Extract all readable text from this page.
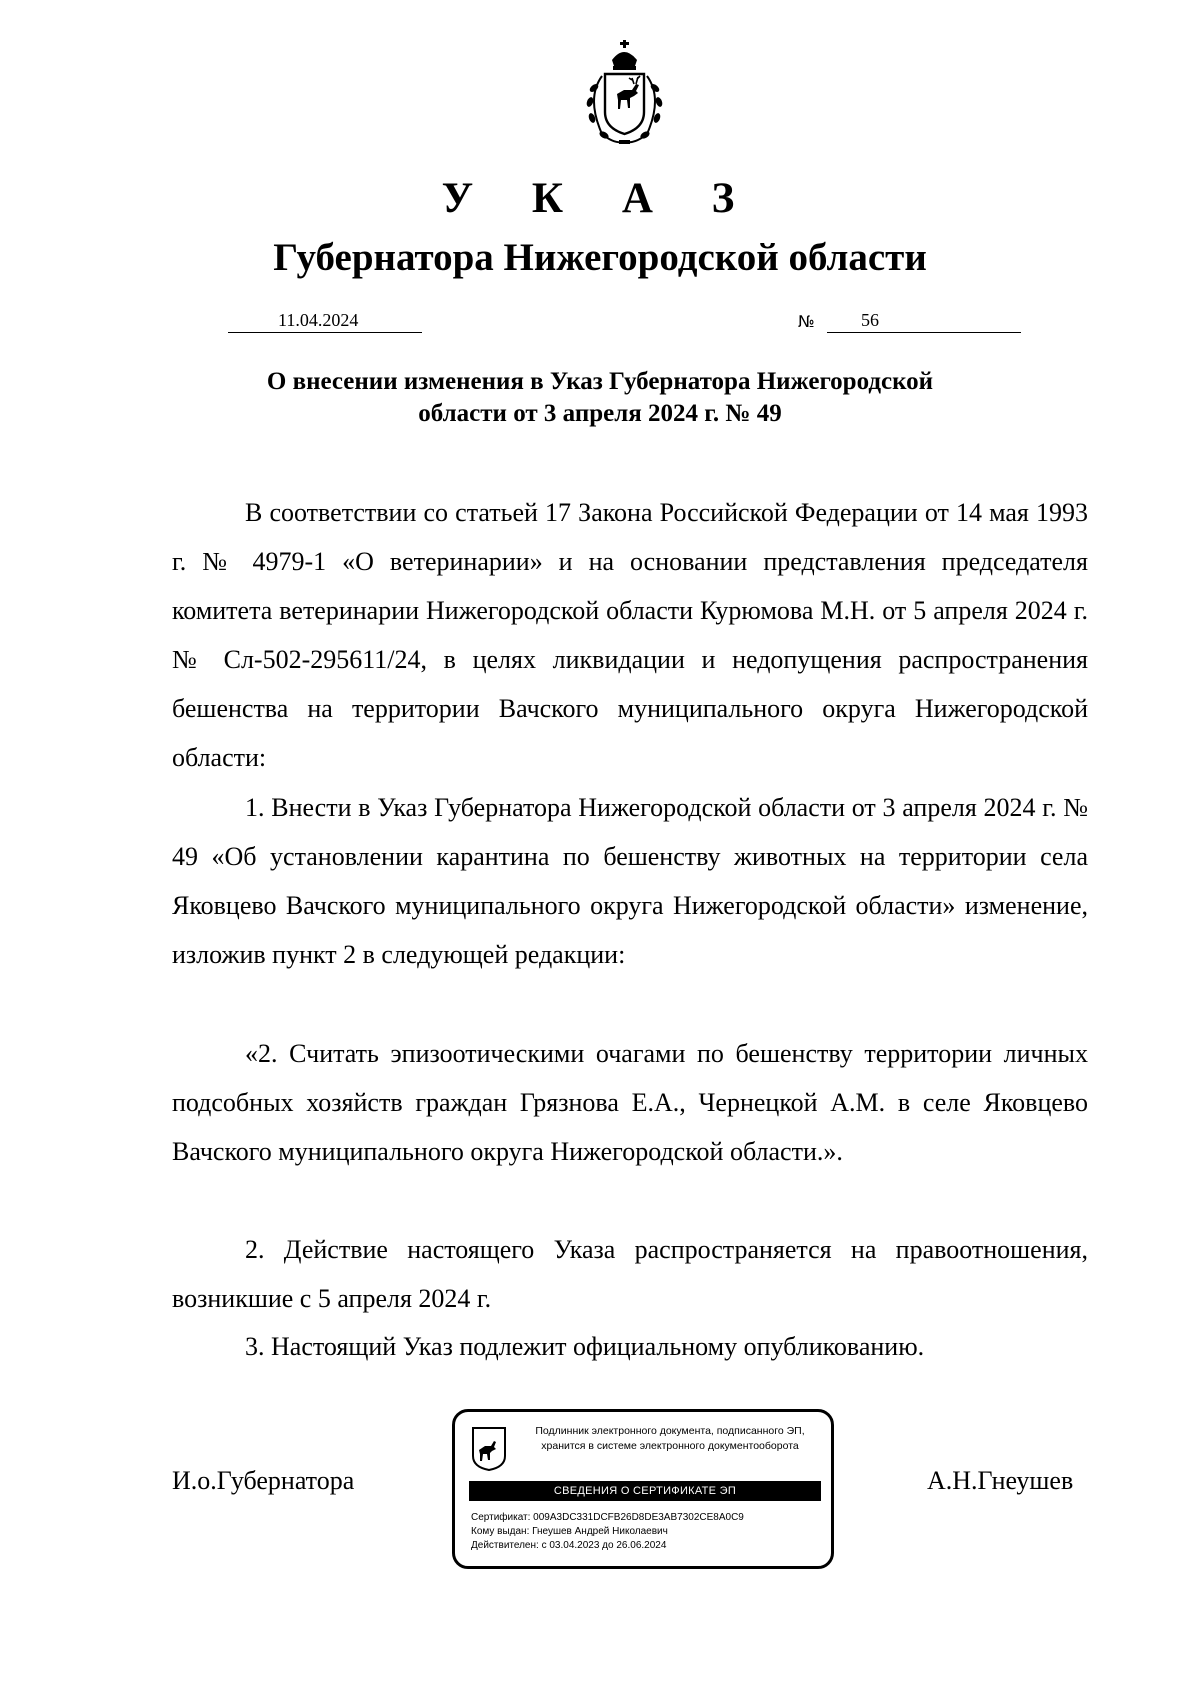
У К А З
Губернатора Нижегородской области
11.04.2024	№	56
О внесении изменения в Указ Губернатора Нижегородской
области от 3 апреля 2024 г. № 49

В соответствии со статьей 17 Закона Российской Федерации от 14 мая 1993 г. № 4979-1 «О ветеринарии» и на основании представления председателя комитета ветеринарии Нижегородской области Курюмова М.Н. от 5 апреля 2024 г. № Сл-502-295611/24, в целях ликвидации и недопущения распространения бешенства на территории Вачского муниципального округа Нижегородской области:

1. Внести в Указ Губернатора Нижегородской области от 3 апреля 2024 г. № 49 «Об установлении карантина по бешенству животных на территории села Яковцево Вачского муниципального округа Нижегородской области» изменение, изложив пункт 2 в следующей редакции:

«2. Считать эпизоотическими очагами по бешенству территории личных подсобных хозяйств граждан Грязнова Е.А., Чернецкой А.М. в селе Яковцево Вачского муниципального округа Нижегородской области.».

2. Действие настоящего Указа распространяется на правоотношения, возникшие с 5 апреля 2024 г.

3. Настоящий Указ подлежит официальному опубликованию.

И.о.Губернатора	А.Н.Гнеушев
Подлинник электронного документа, подписанного ЭП,
хранится в системе электронного документооборота
СВЕДЕНИЯ О СЕРТИФИКАТЕ ЭП
Сертификат: 009A3DC331DCFB26D8DE3AB7302CE8A0C9
Кому выдан: Гнеушев Андрей Николаевич
Действителен: с 03.04.2023 до 26.06.2024
